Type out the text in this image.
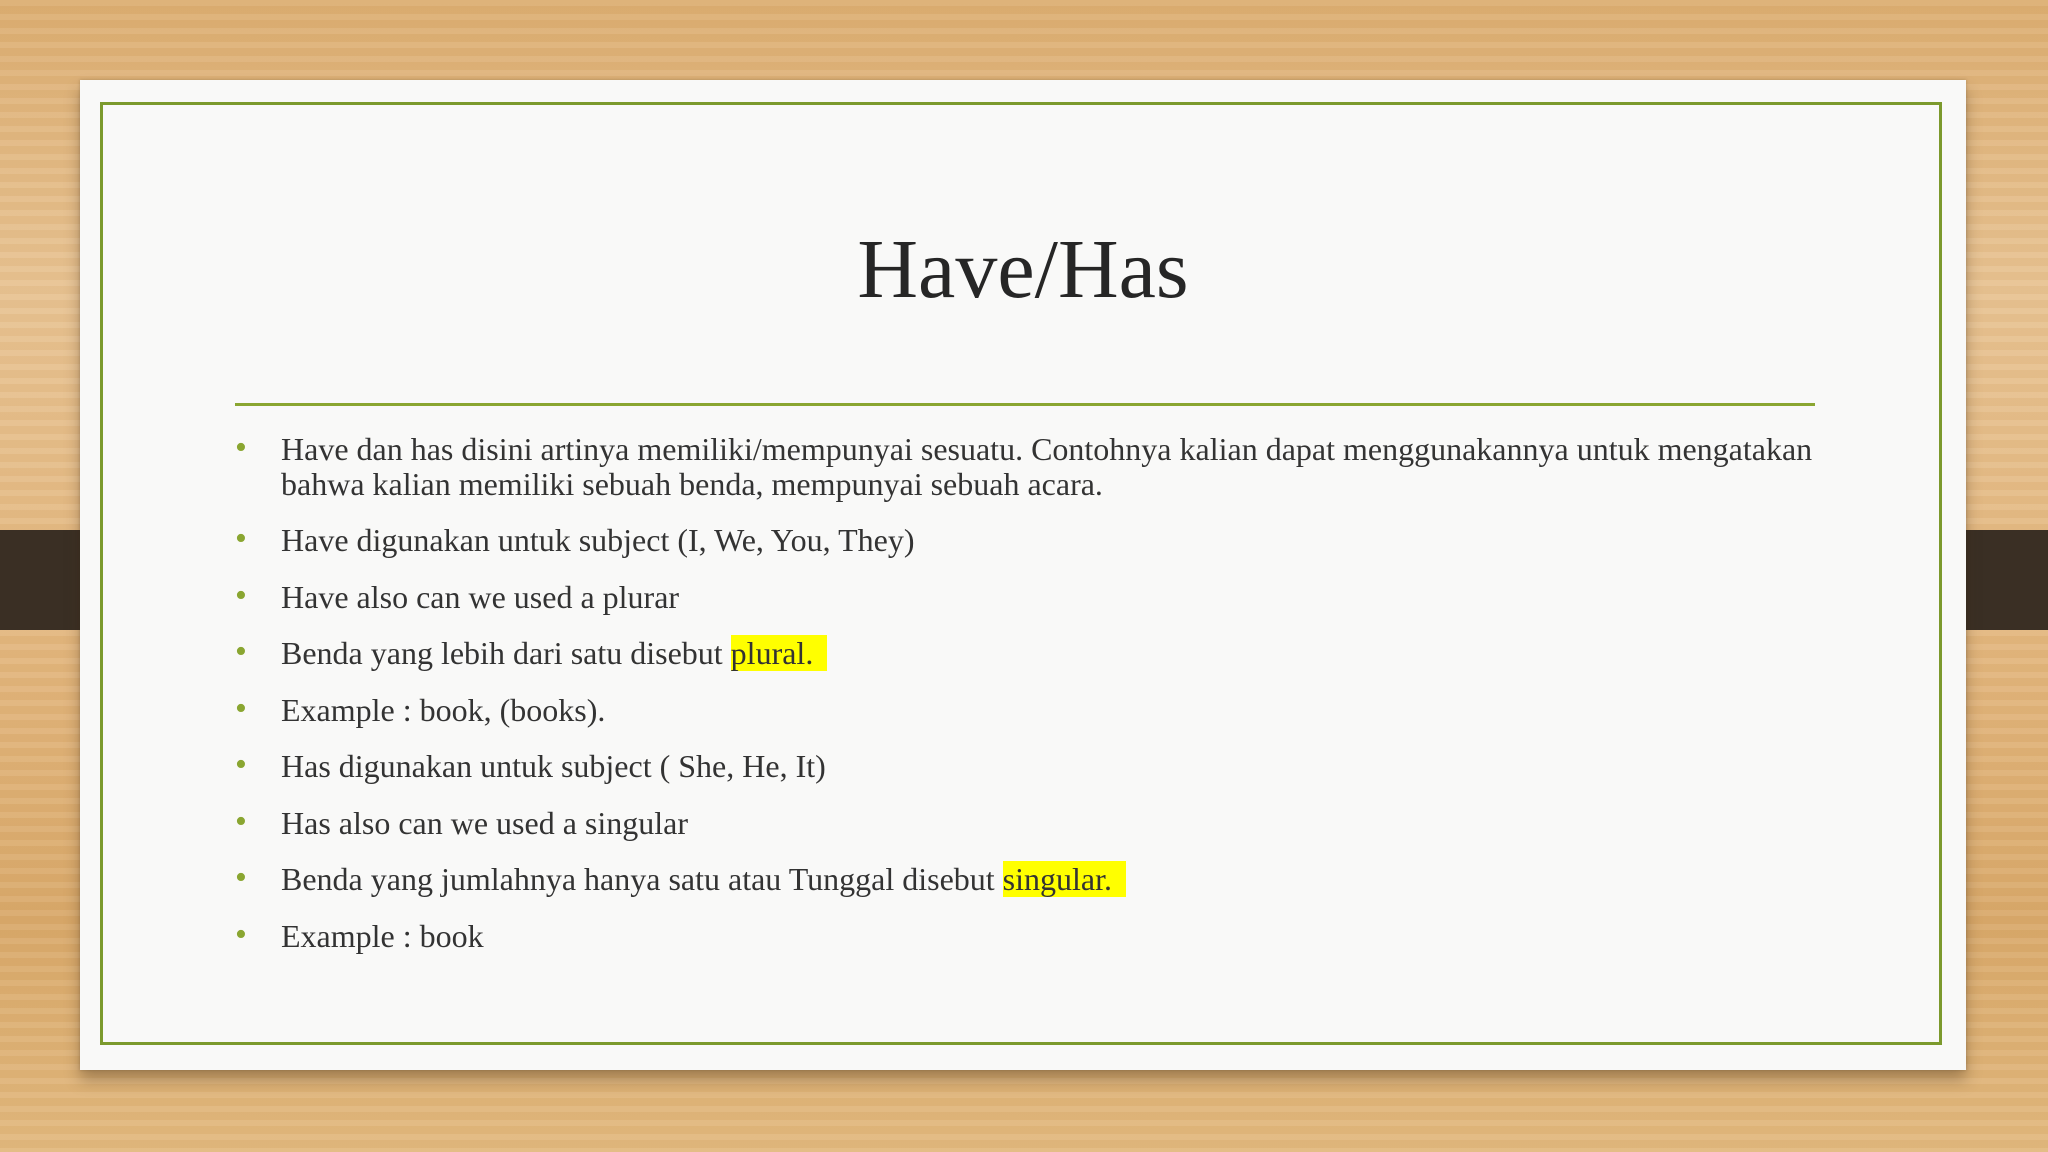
Have/Has
• Have dan has disini artinya memiliki/mempunyai sesuatu. Contohnya kalian dapat menggunakannya untuk mengatakan bahwa kalian memiliki sebuah benda, mempunyai sebuah acara.
• Have digunakan untuk subject (I, We, You, They)
• Have also can we used a plurar
• Benda yang lebih dari satu disebut plural.
• Example : book, (books).
• Has digunakan untuk subject ( She, He, It)
• Has also can we used a singular
• Benda yang jumlahnya hanya satu atau Tunggal disebut singular.
• Example : book
